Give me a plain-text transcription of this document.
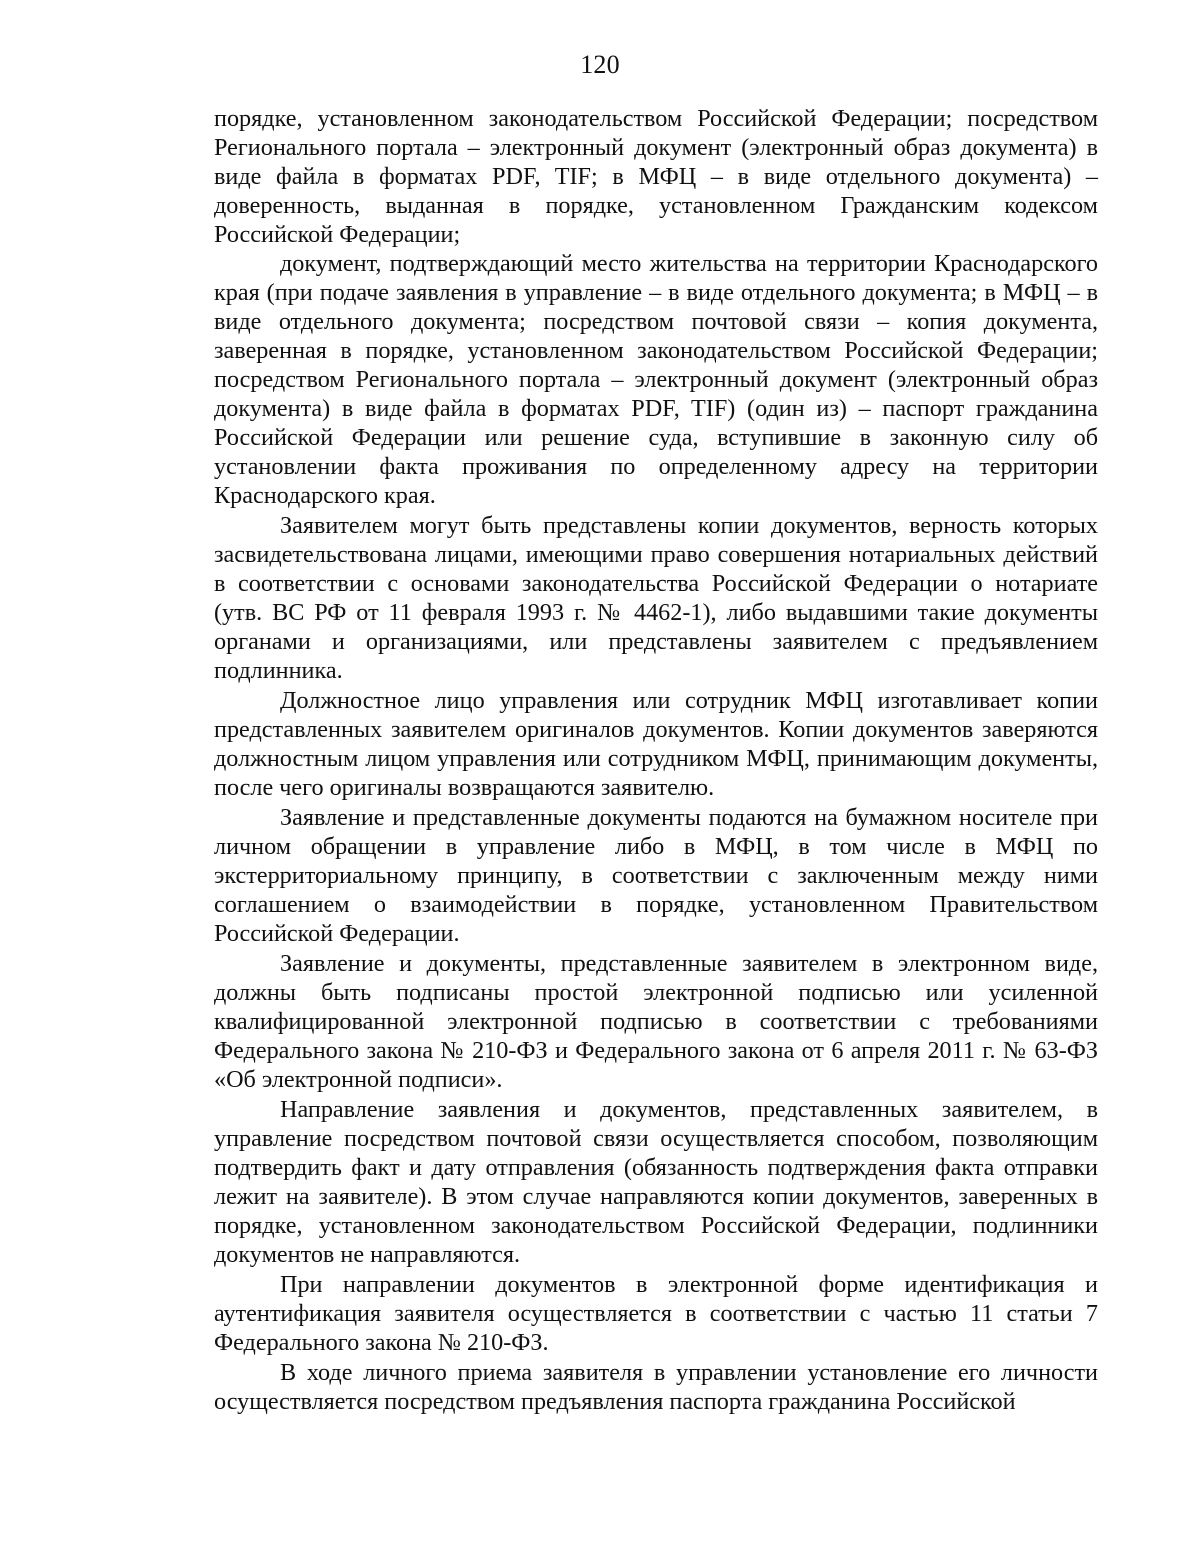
120

порядке, установленном законодательством Российской Федерации; посредством Регионального портала – электронный документ (электронный образ документа) в виде файла в форматах PDF, TIF; в МФЦ – в виде отдельного документа) – доверенность, выданная в порядке, установленном Гражданским кодексом Российской Федерации;

документ, подтверждающий место жительства на территории Краснодарского края (при подаче заявления в управление – в виде отдельного документа; в МФЦ – в виде отдельного документа; посредством почтовой связи – копия документа, заверенная в порядке, установленном законодательством Российской Федерации; посредством Регионального портала – электронный документ (электронный образ документа) в виде файла в форматах PDF, TIF) (один из) – паспорт гражданина Российской Федерации или решение суда, вступившие в законную силу об установлении факта проживания по определенному адресу на территории Краснодарского края.

Заявителем могут быть представлены копии документов, верность которых засвидетельствована лицами, имеющими право совершения нотариальных действий в соответствии с основами законодательства Российской Федерации о нотариате (утв. ВС РФ от 11 февраля 1993 г. № 4462-1), либо выдавшими такие документы органами и организациями, или представлены заявителем с предъявлением подлинника.

Должностное лицо управления или сотрудник МФЦ изготавливает копии представленных заявителем оригиналов документов. Копии документов заверяются должностным лицом управления или сотрудником МФЦ, принимающим документы, после чего оригиналы возвращаются заявителю.

Заявление и представленные документы подаются на бумажном носителе при личном обращении в управление либо в МФЦ, в том числе в МФЦ по экстерриториальному принципу, в соответствии с заключенным между ними соглашением о взаимодействии в порядке, установленном Правительством Российской Федерации.

Заявление и документы, представленные заявителем в электронном виде, должны быть подписаны простой электронной подписью или усиленной квалифицированной электронной подписью в соответствии с требованиями Федерального закона № 210-ФЗ и Федерального закона от 6 апреля 2011 г. № 63-ФЗ «Об электронной подписи».

Направление заявления и документов, представленных заявителем, в управление посредством почтовой связи осуществляется способом, позволяющим подтвердить факт и дату отправления (обязанность подтверждения факта отправки лежит на заявителе). В этом случае направляются копии документов, заверенных в порядке, установленном законодательством Российской Федерации, подлинники документов не направляются.

При направлении документов в электронной форме идентификация и аутентификация заявителя осуществляется в соответствии с частью 11 статьи 7 Федерального закона № 210-ФЗ.

В ходе личного приема заявителя в управлении установление его личности осуществляется посредством предъявления паспорта гражданина Российской
